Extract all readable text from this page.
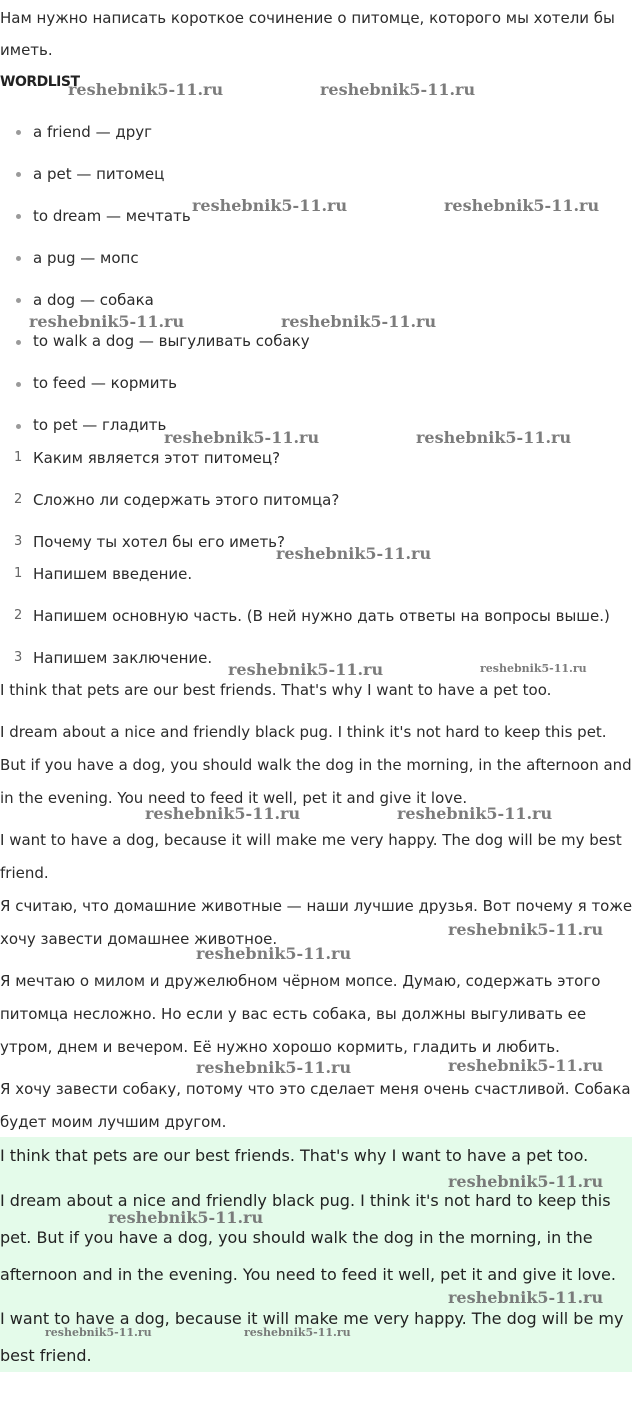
Нам нужно написать короткое сочинение о питомце, которого мы хотели бы
иметь.
WORDLIST
a friend — друг
a pet — питомец
to dream — мечтать
a pug — мопс
a dog — собака
to walk a dog — выгуливать собаку
to feed — кормить
to pet — гладить
1 Каким является этот питомец?
2 Сложно ли содержать этого питомца?
3 Почему ты хотел бы его иметь?
1 Напишем введение.
2 Напишем основную часть. (В ней нужно дать ответы на вопросы выше.)
3 Напишем заключение.
I think that pets are our best friends. That's why I want to have a pet too.
I dream about a nice and friendly black pug. I think it's not hard to keep this pet.
But if you have a dog, you should walk the dog in the morning, in the afternoon and
in the evening. You need to feed it well, pet it and give it love.
I want to have a dog, because it will make me very happy. The dog will be my best
friend.
Я считаю, что домашние животные — наши лучшие друзья. Вот почему я тоже
хочу завести домашнее животное.
Я мечтаю о милом и дружелюбном чёрном мопсе. Думаю, содержать этого
питомца несложно. Но если у вас есть собака, вы должны выгуливать ее
утром, днем и вечером. Её нужно хорошо кормить, гладить и любить.
Я хочу завести собаку, потому что это сделает меня очень счастливой. Собака
будет моим лучшим другом.
I think that pets are our best friends. That's why I want to have a pet too.
I dream about a nice and friendly black pug. I think it's not hard to keep this
pet. But if you have a dog, you should walk the dog in the morning, in the
afternoon and in the evening. You need to feed it well, pet it and give it love.
I want to have a dog, because it will make me very happy. The dog will be my
best friend.
reshebnik5-11.ru	reshebnik5-11.ru
reshebnik5-11.ru	reshebnik5-11.ru
reshebnik5-11.ru	reshebnik5-11.ru
reshebnik5-11.ru	reshebnik5-11.ru
reshebnik5-11.ru
reshebnik5-11.ru	reshebnik5-11.ru
reshebnik5-11.ru	reshebnik5-11.ru
reshebnik5-11.ru
reshebnik5-11.ru
reshebnik5-11.ru	reshebnik5-11.ru
reshebnik5-11.ru
reshebnik5-11.ru
reshebnik5-11.ru
reshebnik5-11.ru	reshebnik5-11.ru
